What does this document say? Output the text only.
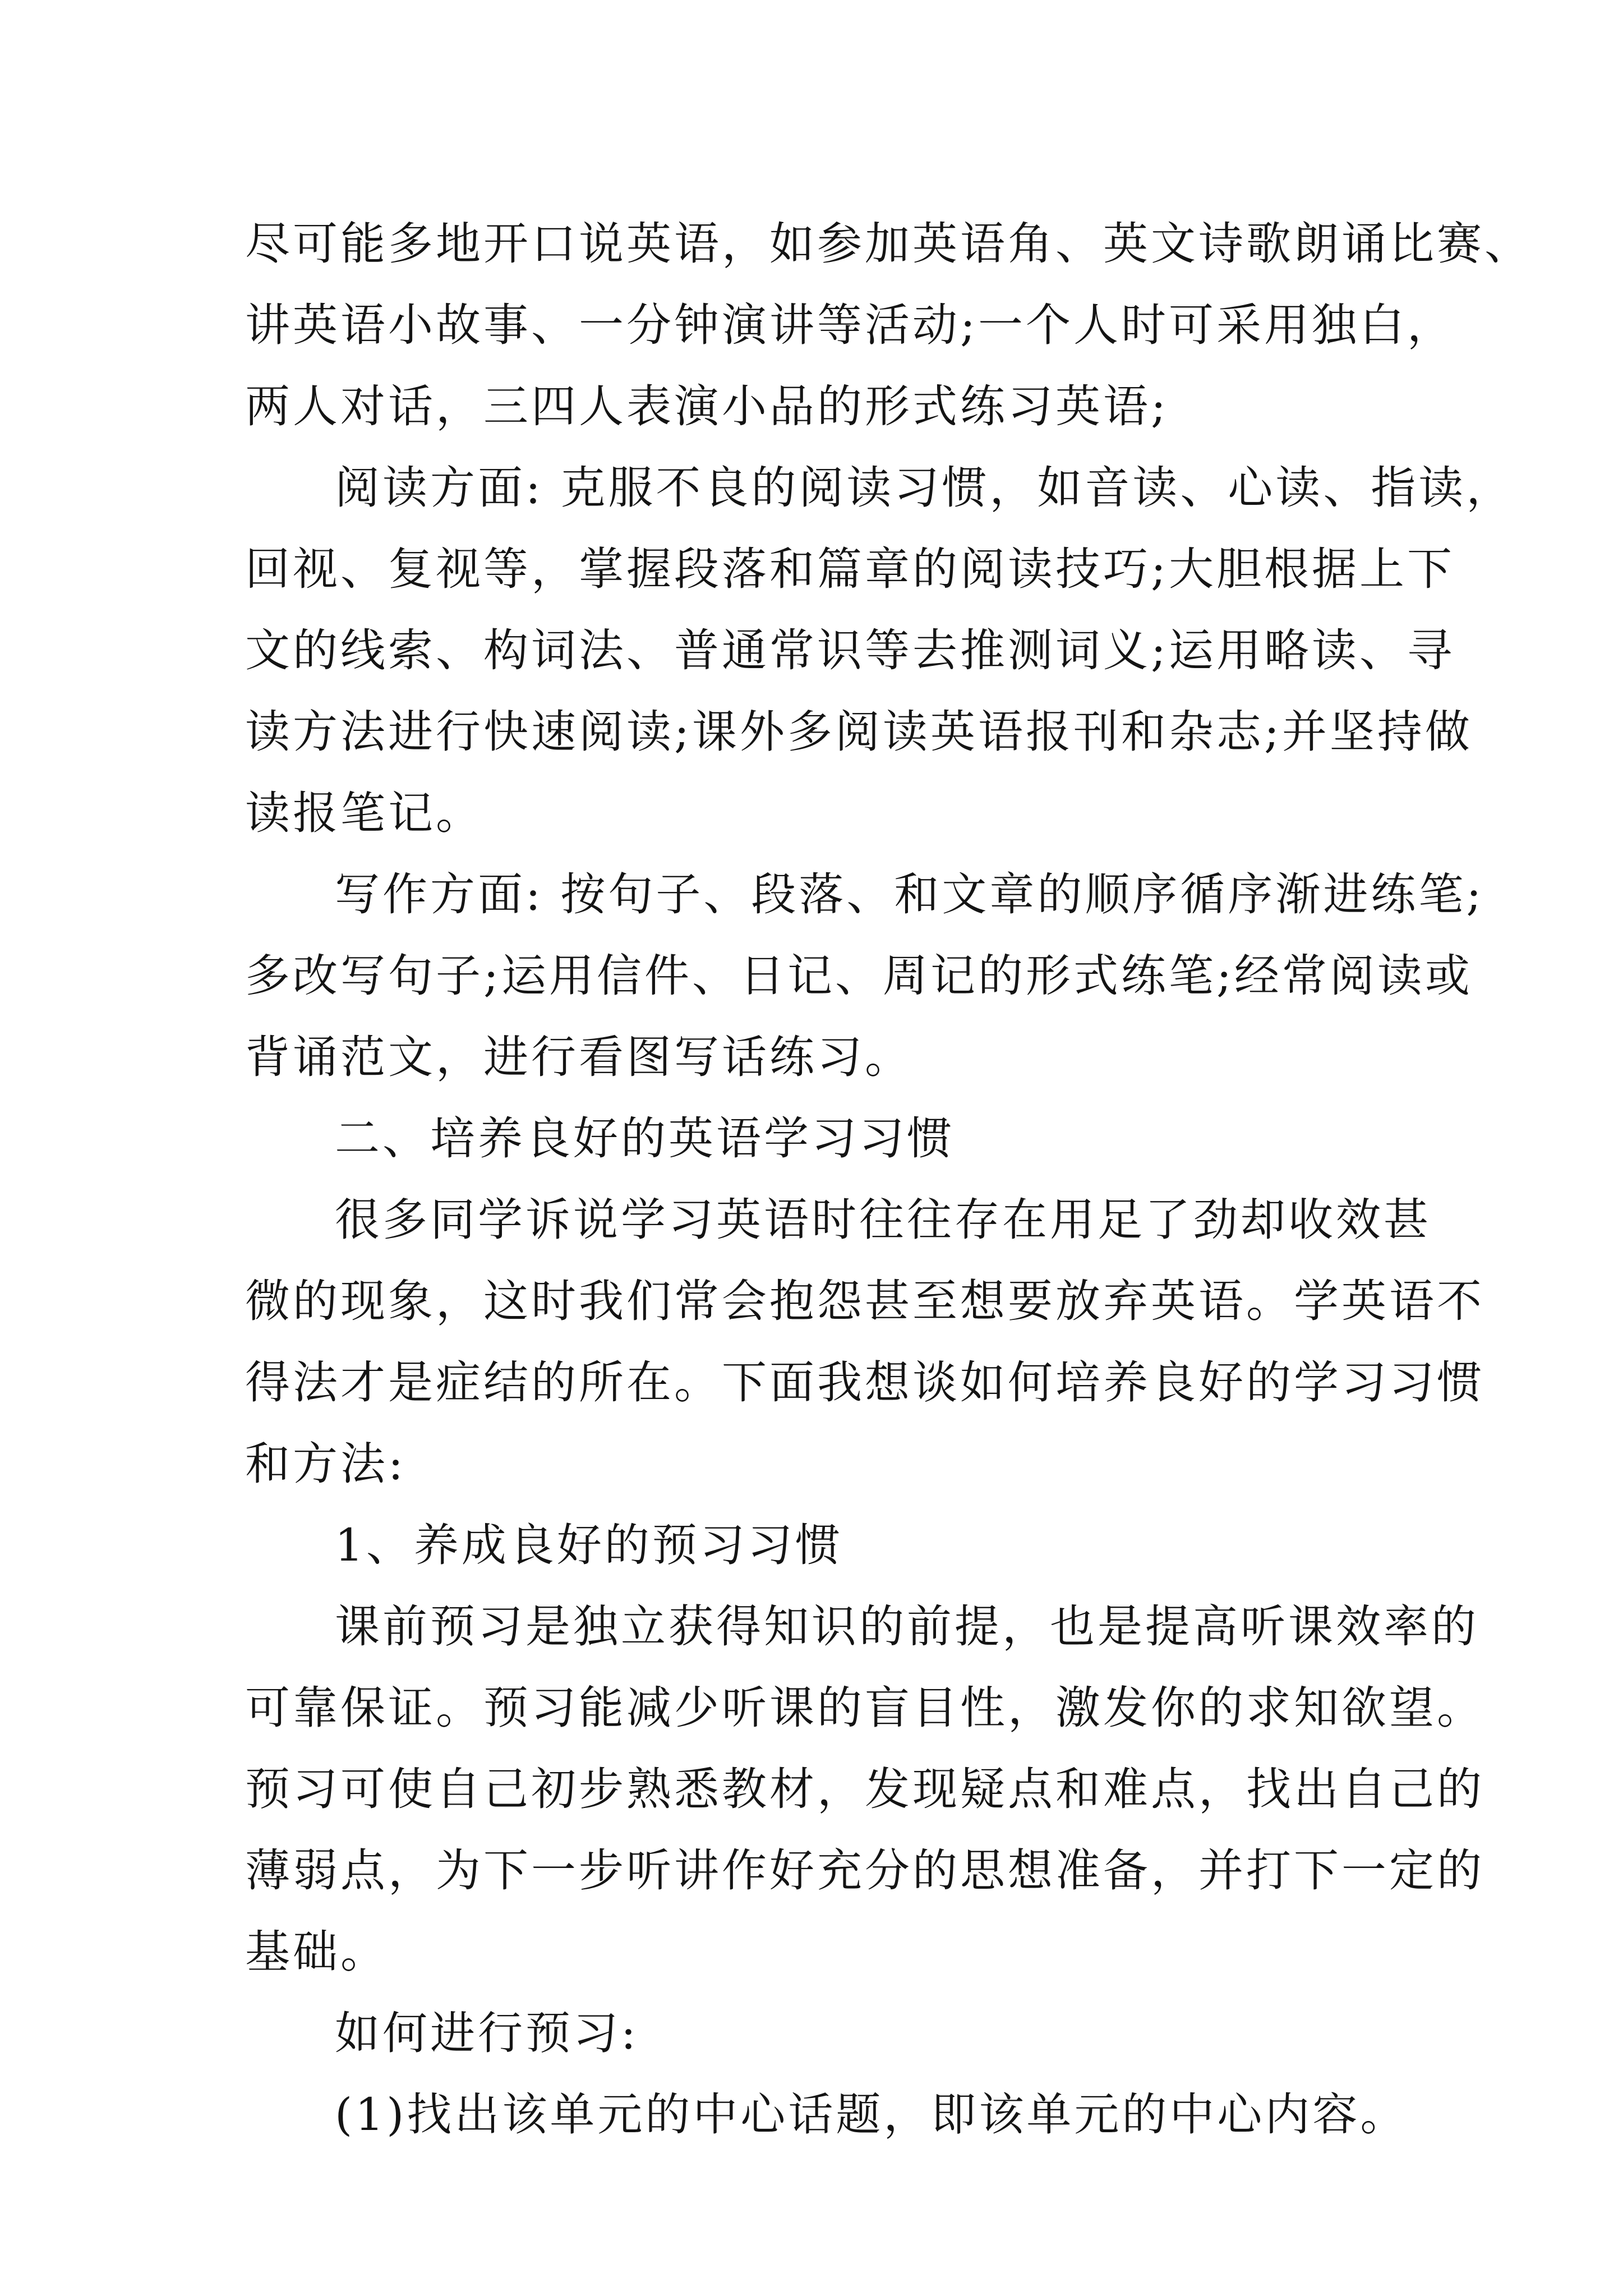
尽可能多地开口说英语，如参加英语角、英文诗歌朗诵比赛、
讲英语小故事、一分钟演讲等活动;一个人时可采用独白，
两人对话，三四人表演小品的形式练习英语;
阅读方面: 克服不良的阅读习惯，如音读、心读、指读，
回视、复视等，掌握段落和篇章的阅读技巧;大胆根据上下
文的线索、构词法、普通常识等去推测词义;运用略读、寻
读方法进行快速阅读;课外多阅读英语报刊和杂志;并坚持做
读报笔记。
写作方面: 按句子、段落、和文章的顺序循序渐进练笔;
多改写句子;运用信件、日记、周记的形式练笔;经常阅读或
背诵范文，进行看图写话练习。
二、培养良好的英语学习习惯
很多同学诉说学习英语时往往存在用足了劲却收效甚
微的现象，这时我们常会抱怨甚至想要放弃英语。学英语不
得法才是症结的所在。下面我想谈如何培养良好的学习习惯
和方法:
1、养成良好的预习习惯
课前预习是独立获得知识的前提，也是提高听课效率的
可靠保证。预习能减少听课的盲目性，激发你的求知欲望。
预习可使自己初步熟悉教材，发现疑点和难点，找出自己的
薄弱点，为下一步听讲作好充分的思想准备，并打下一定的
基础。
如何进行预习:
(1)找出该单元的中心话题，即该单元的中心内容。
